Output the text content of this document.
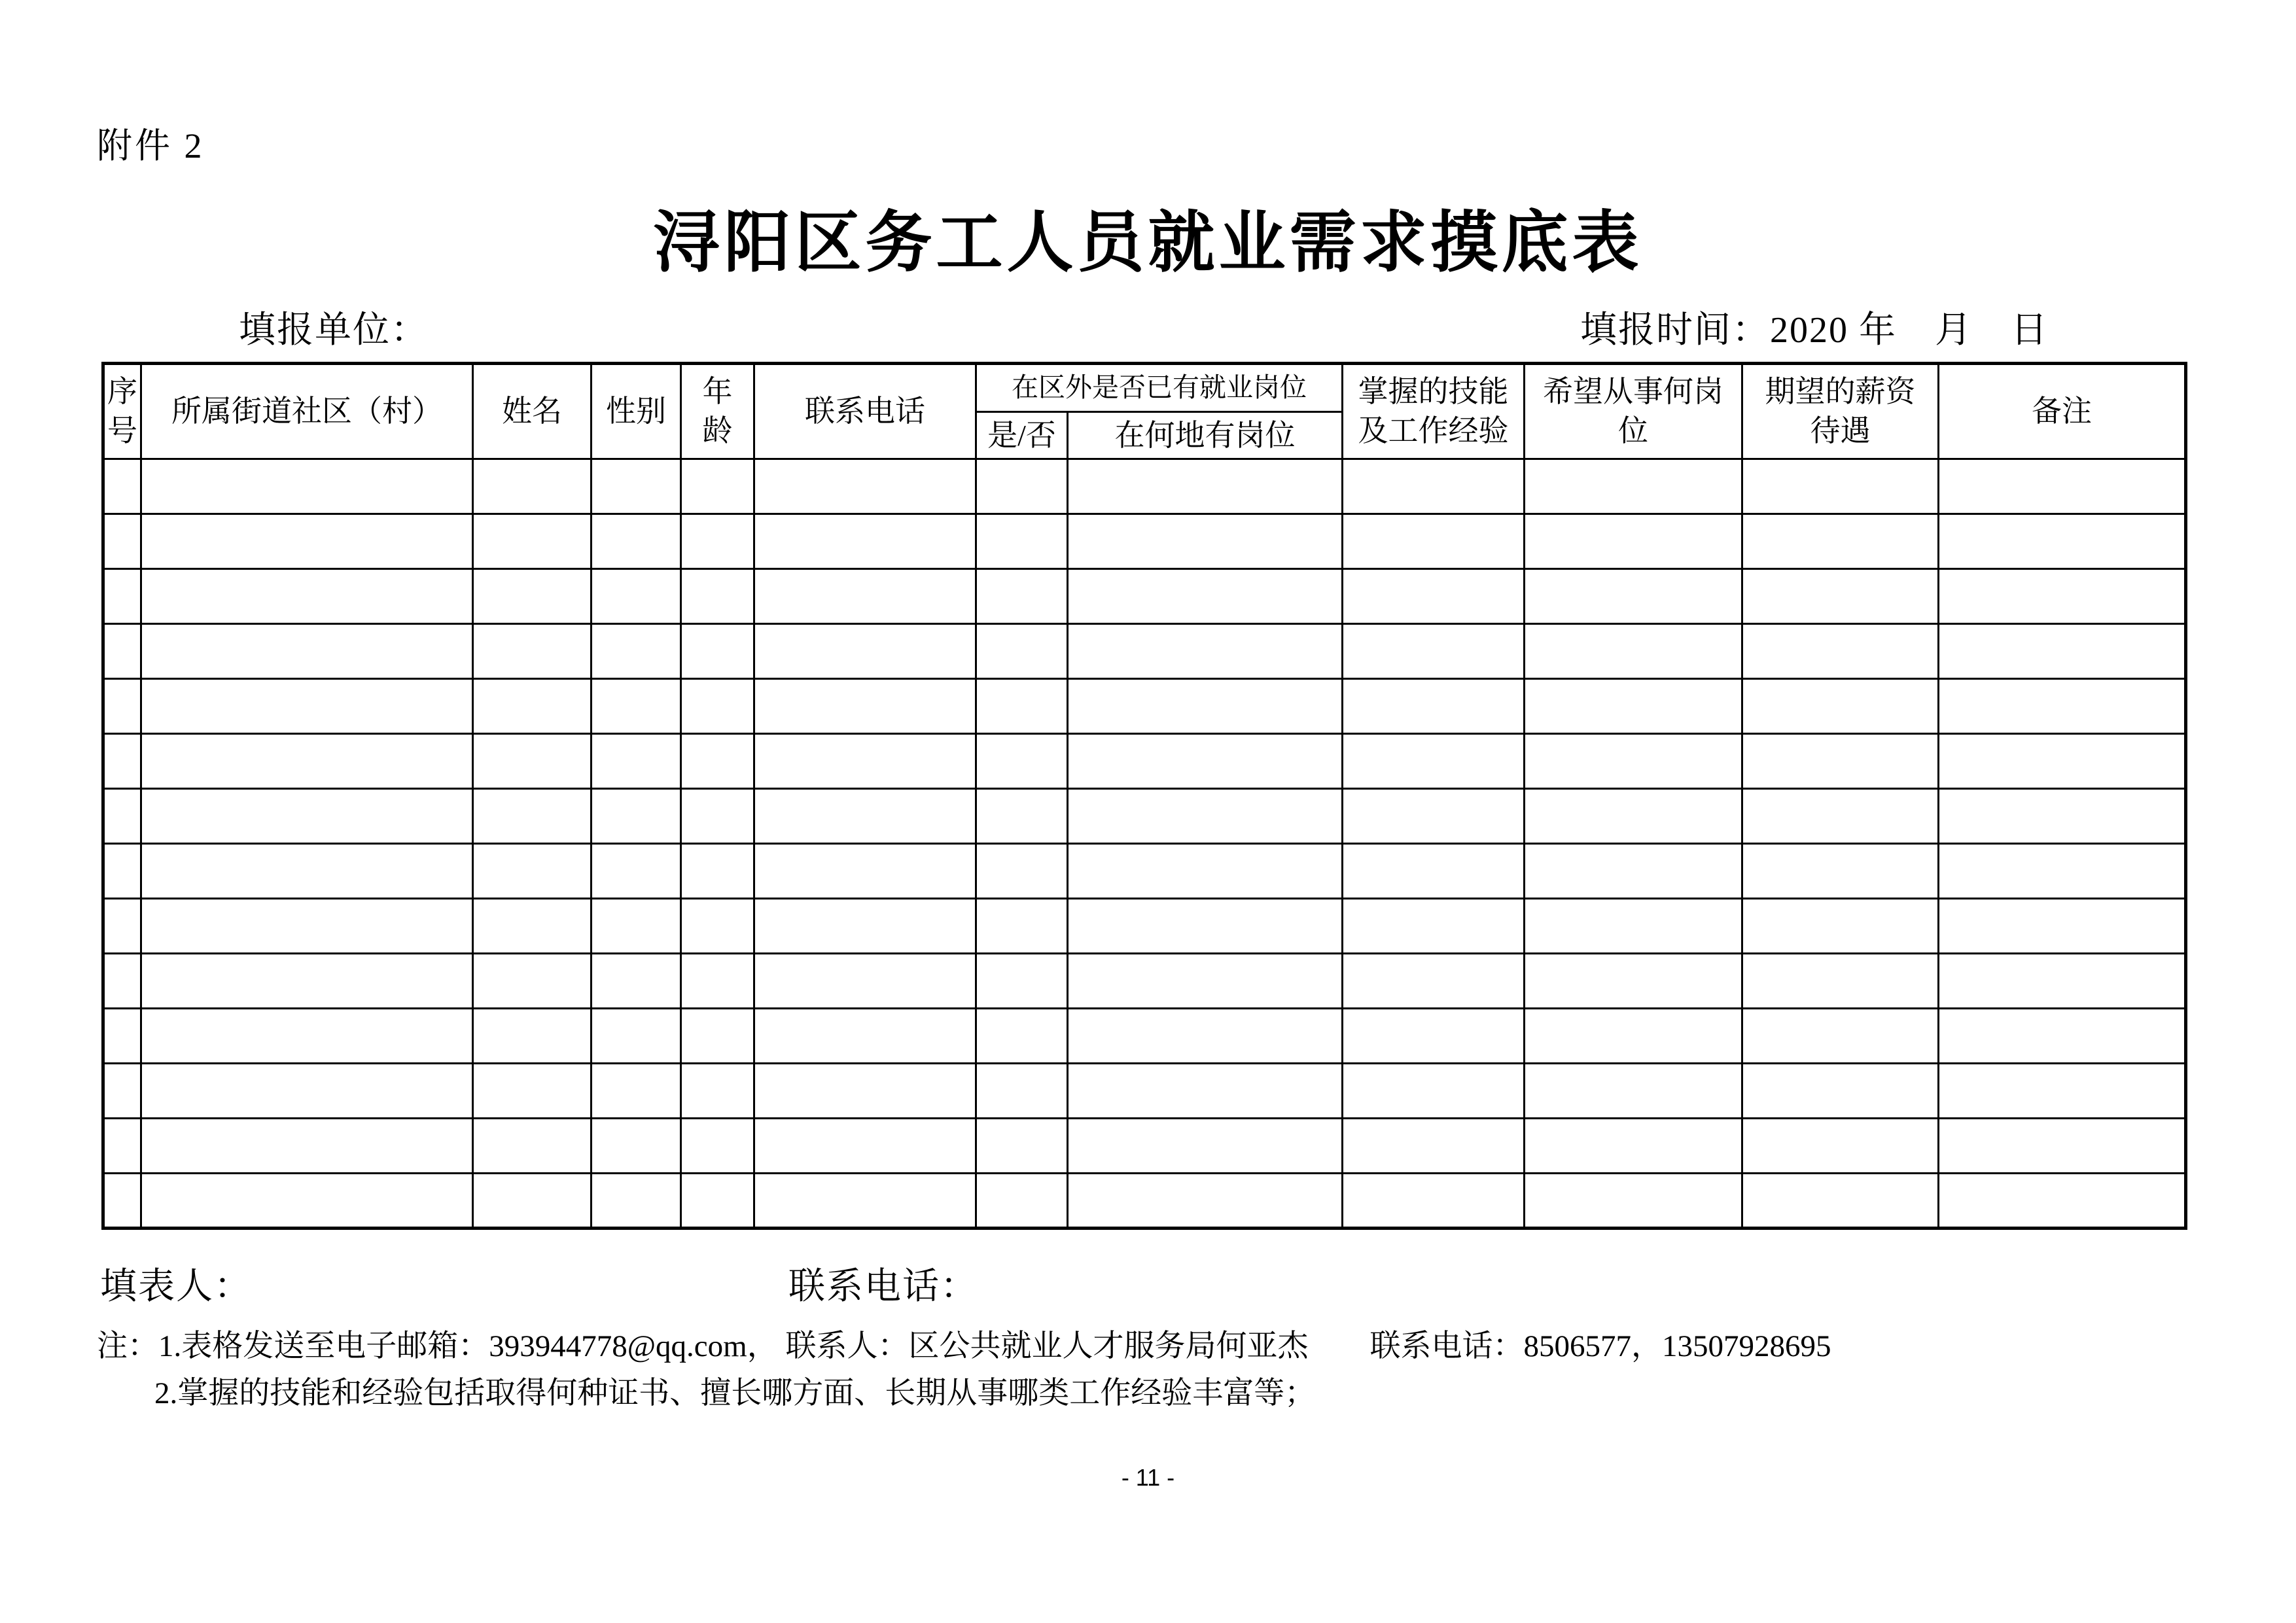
附件 2
浔阳区务工人员就业需求摸底表
填报单位：	填报时间：2020 年　月　日
序号	所属街道社区（村）	姓名	性别	年龄	联系电话	在区外是否已有就业岗位		掌握的技能及工作经验	希望从事何岗位	期望的薪资待遇	备注
						是/否	在何地有岗位				

填表人：	联系电话：
注：1.表格发送至电子邮箱：393944778@qq.com， 联系人：区公共就业人才服务局何亚杰　　联系电话：8506577，13507928695
2.掌握的技能和经验包括取得何种证书、擅长哪方面、长期从事哪类工作经验丰富等；
- 11 -
